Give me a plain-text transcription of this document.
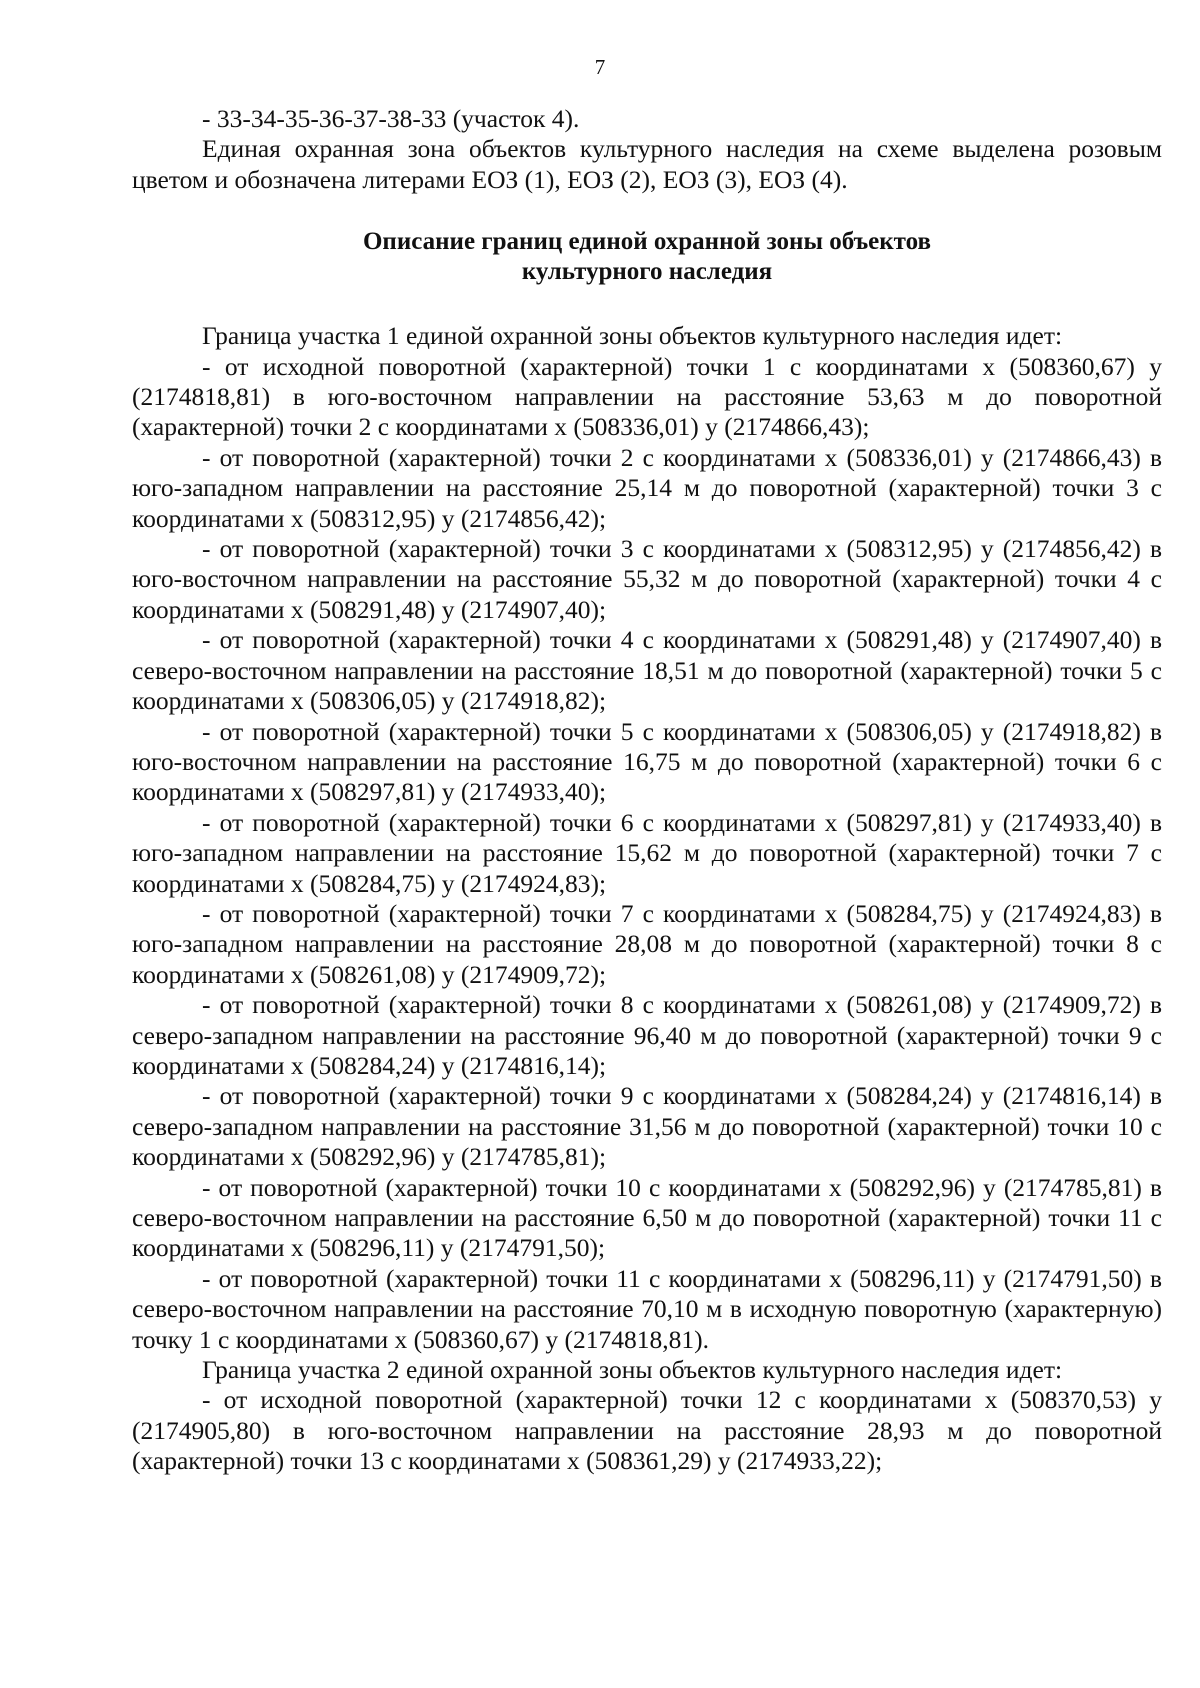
7

- 33-34-35-36-37-38-33 (участок 4).

Единая охранная зона объектов культурного наследия на схеме выделена розовым цветом и обозначена литерами ЕОЗ (1), ЕОЗ (2), ЕОЗ (3), ЕОЗ (4).

Описание границ единой охранной зоны объектов
культурного наследия

Граница участка 1 единой охранной зоны объектов культурного наследия идет:

- от исходной поворотной (характерной) точки 1 с координатами x (508360,67) y (2174818,81) в юго-восточном направлении на расстояние 53,63 м до поворотной (характерной) точки 2 с координатами x (508336,01) y (2174866,43);

- от поворотной (характерной) точки 2 с координатами x (508336,01) y (2174866,43) в юго-западном направлении на расстояние 25,14 м до поворотной (характерной) точки 3 с координатами x (508312,95) y (2174856,42);

- от поворотной (характерной) точки 3 с координатами x (508312,95) y (2174856,42) в юго-восточном направлении на расстояние 55,32 м до поворотной (характерной) точки 4 с координатами x (508291,48) y (2174907,40);

- от поворотной (характерной) точки 4 с координатами x (508291,48) y (2174907,40) в северо-восточном направлении на расстояние 18,51 м до поворотной (характерной) точки 5 с координатами x (508306,05) y (2174918,82);

- от поворотной (характерной) точки 5 с координатами x (508306,05) y (2174918,82) в юго-восточном направлении на расстояние 16,75 м до поворотной (характерной) точки 6 с координатами x (508297,81) y (2174933,40);

- от поворотной (характерной) точки 6 с координатами x (508297,81) y (2174933,40) в юго-западном направлении на расстояние 15,62 м до поворотной (характерной) точки 7 с координатами x (508284,75) y (2174924,83);

- от поворотной (характерной) точки 7 с координатами x (508284,75) y (2174924,83) в юго-западном направлении на расстояние 28,08 м до поворотной (характерной) точки 8 с координатами x (508261,08) y (2174909,72);

- от поворотной (характерной) точки 8 с координатами x (508261,08) y (2174909,72) в северо-западном направлении на расстояние 96,40 м до поворотной (характерной) точки 9 с координатами x (508284,24) y (2174816,14);

- от поворотной (характерной) точки 9 с координатами x (508284,24) y (2174816,14) в северо-западном направлении на расстояние 31,56 м до поворотной (характерной) точки 10 с координатами x (508292,96) y (2174785,81);

- от поворотной (характерной) точки 10 с координатами x (508292,96) y (2174785,81) в северо-восточном направлении на расстояние 6,50 м до поворотной (характерной) точки 11 с координатами x (508296,11) y (2174791,50);

- от поворотной (характерной) точки 11 с координатами x (508296,11) y (2174791,50) в северо-восточном направлении на расстояние 70,10 м в исходную поворотную (характерную) точку 1 с координатами x (508360,67) y (2174818,81).

Граница участка 2 единой охранной зоны объектов культурного наследия идет:

- от исходной поворотной (характерной) точки 12 с координатами x (508370,53) y (2174905,80) в юго-восточном направлении на расстояние 28,93 м до поворотной (характерной) точки 13 с координатами x (508361,29) y (2174933,22);
